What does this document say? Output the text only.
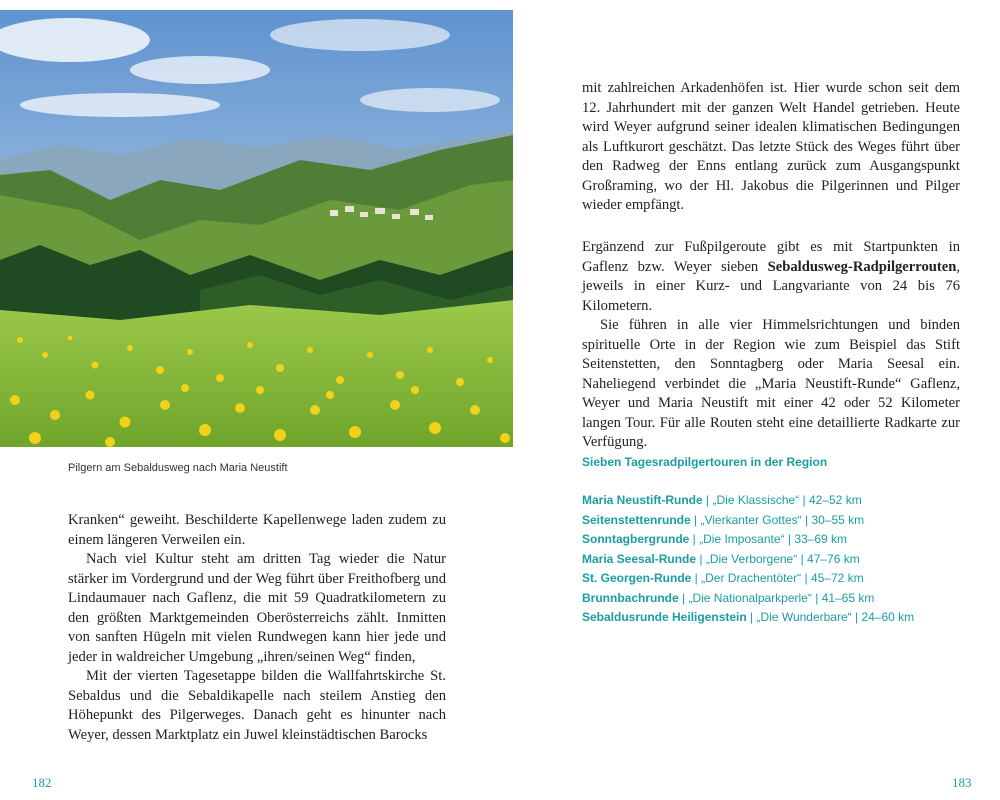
Pilgern am Sebaldusweg nach Maria Neustift

Kranken“ geweiht. Beschilderte Kapellenwege laden zudem zu einem längeren Verweilen ein.

Nach viel Kultur steht am dritten Tag wieder die Natur stärker im Vordergrund und der Weg führt über Freithofberg und Lindaumauer nach Gaflenz, die mit 59 Quadratkilometern zu den größten Marktgemeinden Oberösterreichs zählt. Inmitten von sanften Hügeln mit vielen Rundwegen kann hier jede und jeder in waldreicher Umgebung „ihren/seinen Weg“ finden,

Mit der vierten Tagesetappe bilden die Wallfahrtskirche St. Sebaldus und die Sebaldikapelle nach steilem Anstieg den Höhepunkt des Pilgerweges. Danach geht es hinunter nach Weyer, dessen Marktplatz ein Juwel kleinstädtischen Barocks

mit zahlreichen Arkadenhöfen ist. Hier wurde schon seit dem 12. Jahrhundert mit der ganzen Welt Handel getrieben. Heute wird Weyer aufgrund seiner idealen klimatischen Bedingungen als Luftkurort geschätzt. Das letzte Stück des Weges führt über den Radweg der Enns entlang zurück zum Ausgangspunkt Großraming, wo der Hl. Jakobus die Pilgerinnen und Pilger wieder empfängt.

Ergänzend zur Fußpilgeroute gibt es mit Startpunkten in Gaflenz bzw. Weyer sieben Sebaldusweg-Radpilgerrouten, jeweils in einer Kurz- und Langvariante von 24 bis 76 Kilometern.

Sie führen in alle vier Himmelsrichtungen und binden spirituelle Orte in der Region wie zum Beispiel das Stift Seitenstetten, den Sonntagberg oder Maria Seesal ein. Naheliegend verbindet die „Maria Neustift-Runde“ Gaflenz, Weyer und Maria Neustift mit einer 42 oder 52 Kilometer langen Tour. Für alle Routen steht eine detaillierte Radkarte zur Verfügung.

Sieben Tagesradpilgertouren in der Region
Maria Neustift-Runde | „Die Klassische“ | 42–52 km
Seitenstettenrunde | „Vierkanter Gottes“ | 30–55 km
Sonntagbergrunde | „Die Imposante“ | 33–69 km
Maria Seesal-Runde | „Die Verborgene“ | 47–76 km
St. Georgen-Runde | „Der Drachentöter“ | 45–72 km
Brunnbachrunde | „Die Nationalparkperle“ | 41–65 km
Sebaldusrunde Heiligenstein | „Die Wunderbare“ | 24–60 km
182	183
